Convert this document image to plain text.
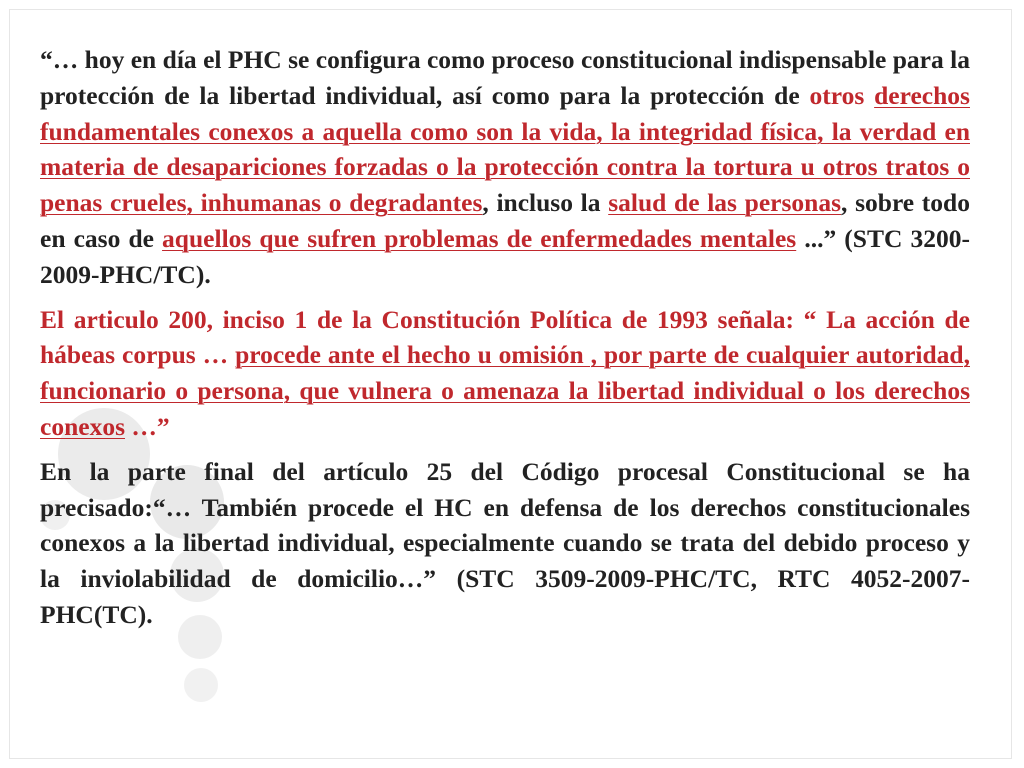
“… hoy en día el PHC se configura como proceso constitucional indispensable para la protección de la libertad individual, así como para la protección de otros derechos fundamentales conexos a aquella como son la vida, la integridad física, la verdad en materia de desapariciones forzadas o la protección contra la tortura u otros tratos o penas crueles, inhumanas o degradantes, incluso la salud de las personas, sobre todo en caso de aquellos que sufren problemas de enfermedades mentales ...” (STC 3200-2009-PHC/TC).

El articulo 200, inciso 1 de la Constitución Política de 1993 señala: “ La acción de hábeas corpus … procede ante el hecho u omisión , por parte de cualquier autoridad, funcionario o persona, que vulnera o amenaza la libertad individual o los derechos conexos …”

En la parte final del artículo 25 del Código procesal Constitucional se ha precisado:“… También procede el HC en defensa de los derechos constitucionales conexos a la libertad individual, especialmente cuando se trata del debido proceso y la inviolabilidad de domicilio…” (STC 3509-2009-PHC/TC, RTC 4052-2007-PHC(TC).
